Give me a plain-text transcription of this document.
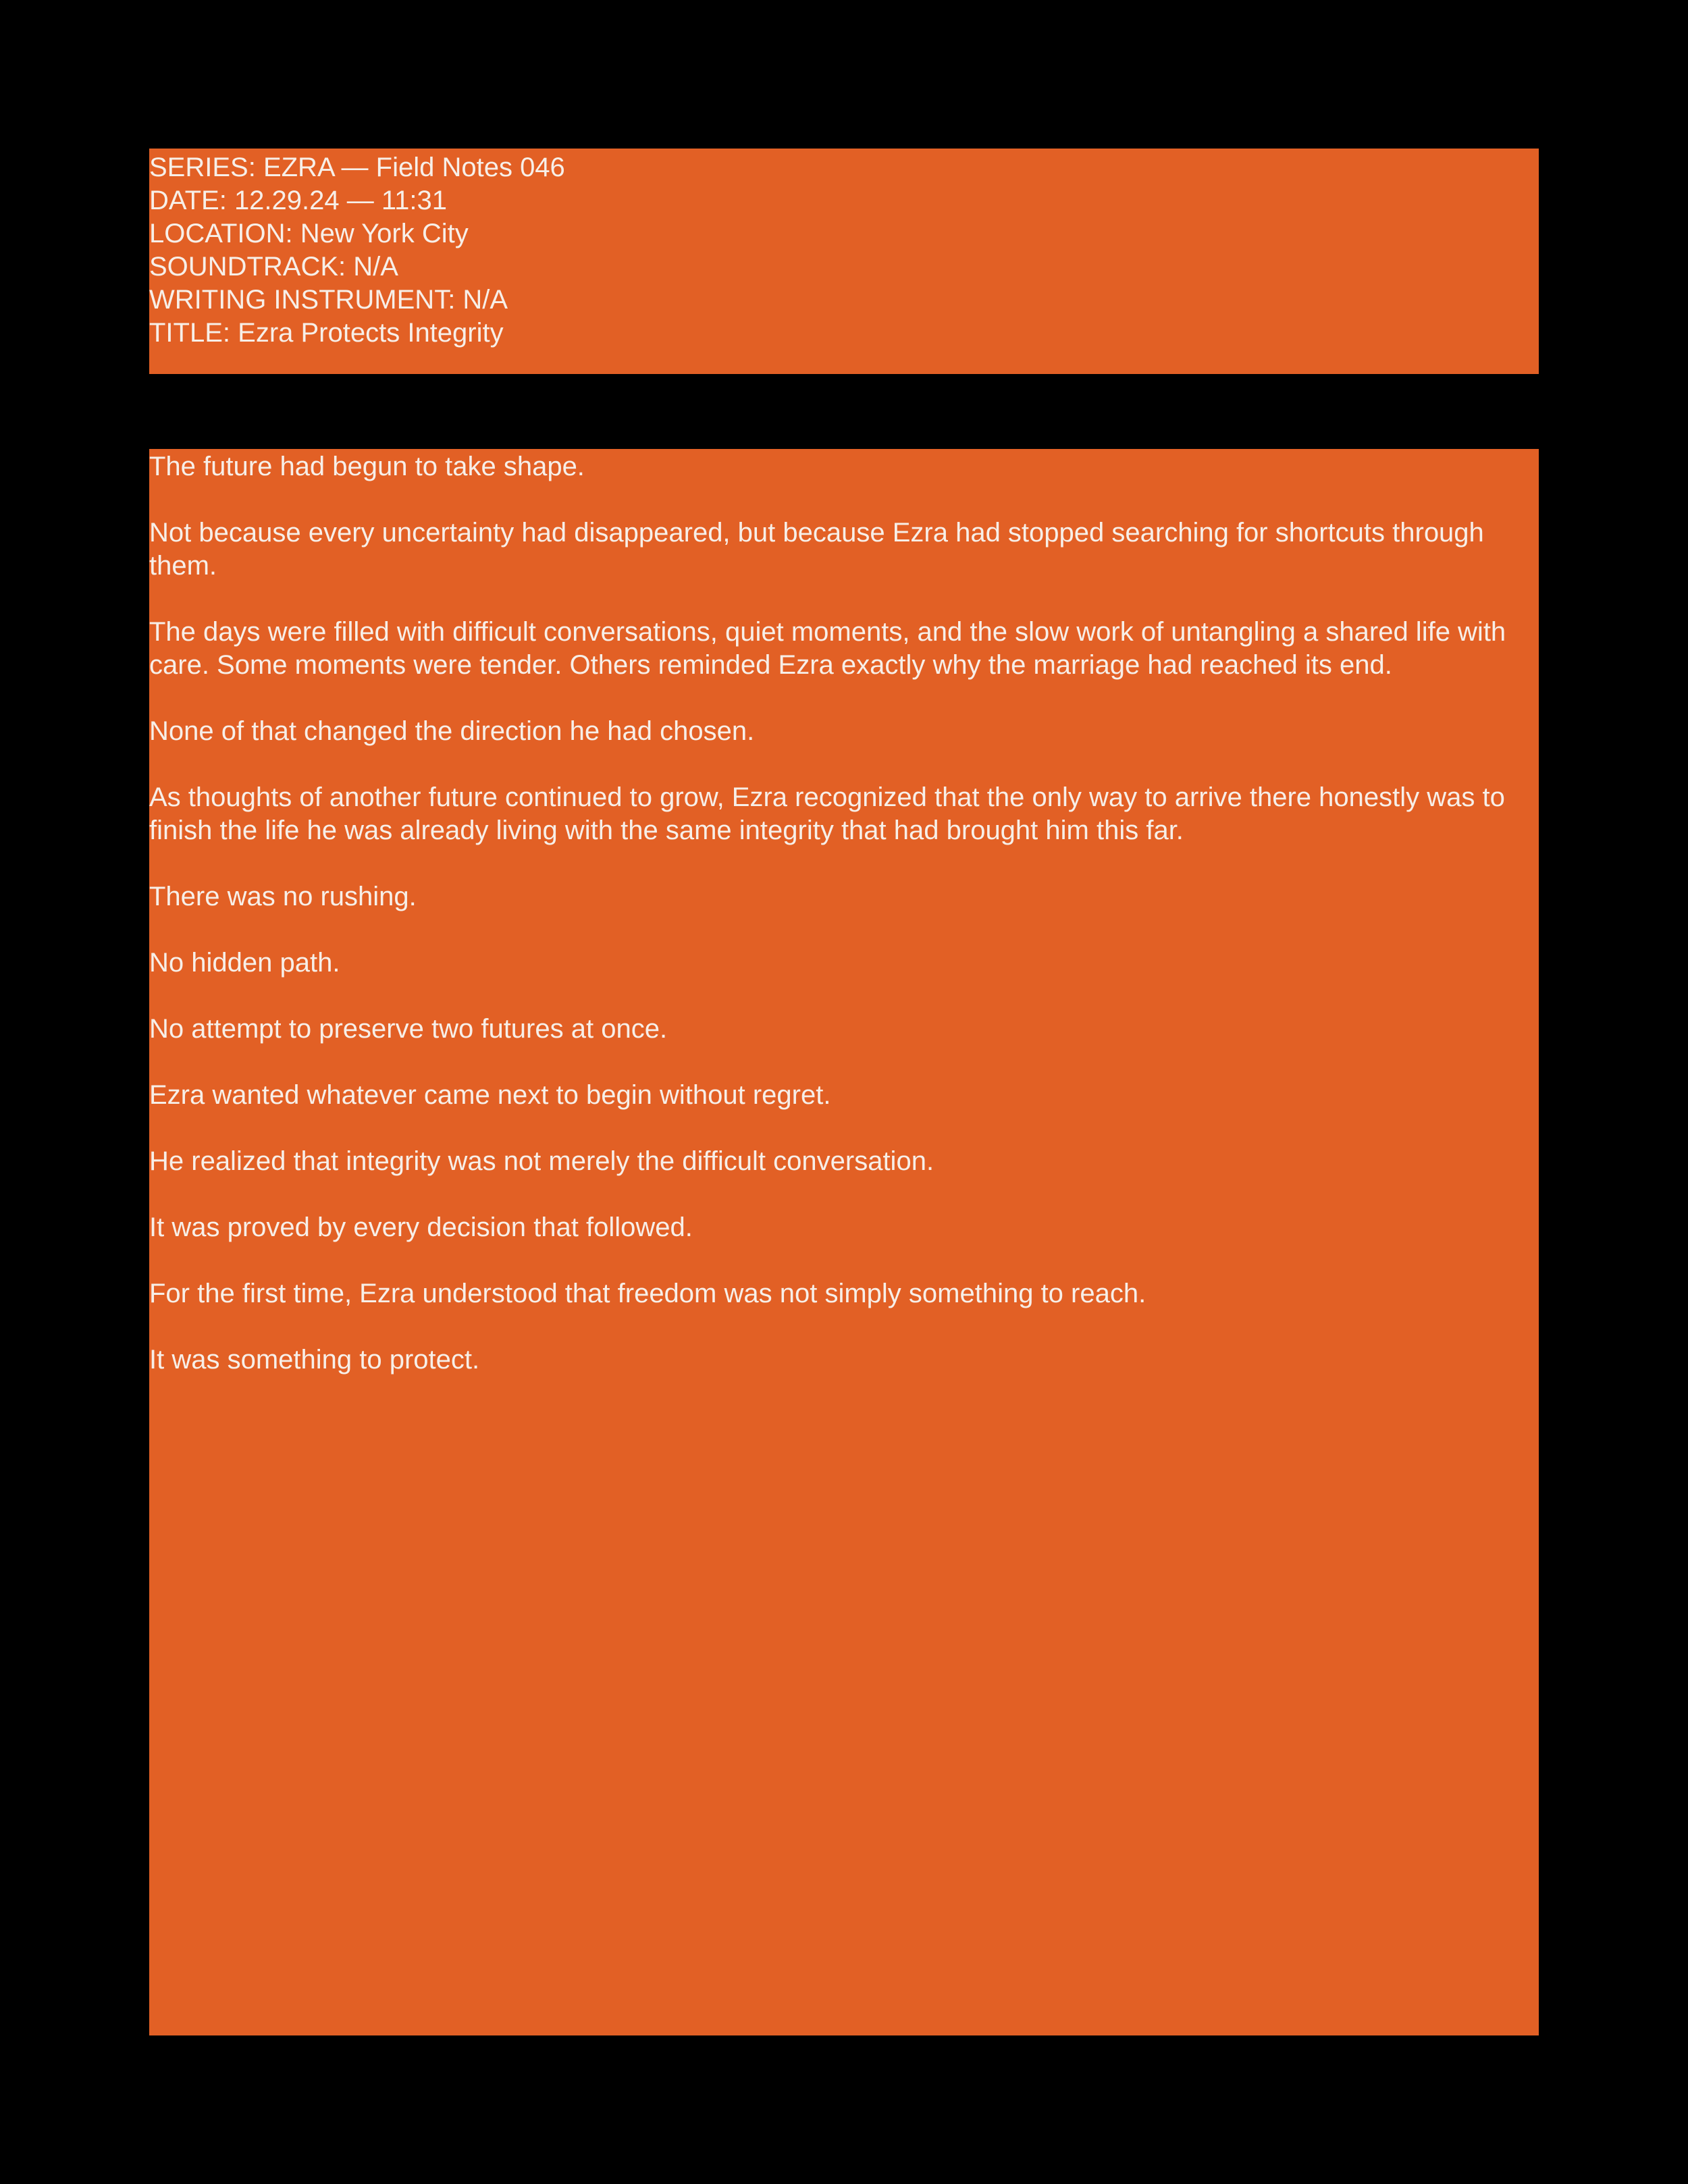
SERIES: EZRA — Field Notes 046
DATE: 12.29.24 — 11:31
LOCATION: New York City
SOUNDTRACK: N/A
WRITING INSTRUMENT: N/A
TITLE: Ezra Protects Integrity

The future had begun to take shape.

Not because every uncertainty had disappeared, but because Ezra had stopped searching for shortcuts through them.

The days were filled with difficult conversations, quiet moments, and the slow work of untangling a shared life with care. Some moments were tender. Others reminded Ezra exactly why the marriage had reached its end.

None of that changed the direction he had chosen.

As thoughts of another future continued to grow, Ezra recognized that the only way to arrive there honestly was to finish the life he was already living with the same integrity that had brought him this far.

There was no rushing.

No hidden path.

No attempt to preserve two futures at once.

Ezra wanted whatever came next to begin without regret.

He realized that integrity was not merely the difficult conversation.

It was proved by every decision that followed.

For the first time, Ezra understood that freedom was not simply something to reach.

It was something to protect.
